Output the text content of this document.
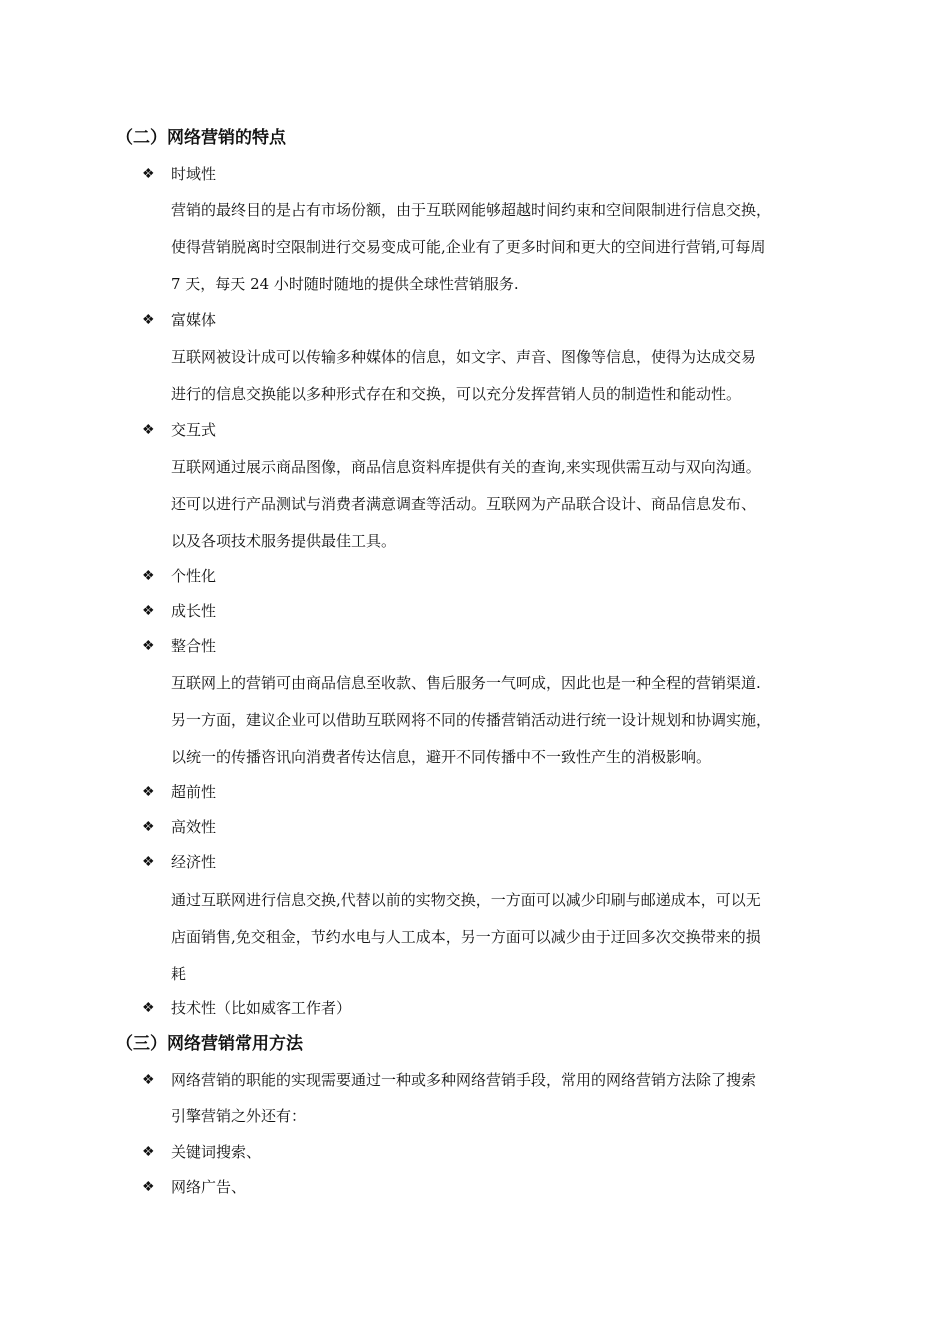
（二）网络营销的特点
❖ 时域性
营销的最终目的是占有市场份额，由于互联网能够超越时间约束和空间限制进行信息交换，
使得营销脱离时空限制进行交易变成可能,企业有了更多时间和更大的空间进行营销,可每周
7 天，每天 24 小时随时随地的提供全球性营销服务.
❖ 富媒体
互联网被设计成可以传输多种媒体的信息，如文字、声音、图像等信息，使得为达成交易
进行的信息交换能以多种形式存在和交换，可以充分发挥营销人员的制造性和能动性。
❖ 交互式
互联网通过展示商品图像，商品信息资料库提供有关的查询,来实现供需互动与双向沟通。
还可以进行产品测试与消费者满意调查等活动。互联网为产品联合设计、商品信息发布、
以及各项技术服务提供最佳工具。
❖ 个性化
❖ 成长性
❖ 整合性
互联网上的营销可由商品信息至收款、售后服务一气呵成，因此也是一种全程的营销渠道.
另一方面，建议企业可以借助互联网将不同的传播营销活动进行统一设计规划和协调实施，
以统一的传播咨讯向消费者传达信息，避开不同传播中不一致性产生的消极影响。
❖ 超前性
❖ 高效性
❖ 经济性
通过互联网进行信息交换,代替以前的实物交换，一方面可以减少印刷与邮递成本，可以无
店面销售,免交租金，节约水电与人工成本，另一方面可以减少由于迂回多次交换带来的损
耗
❖ 技术性（比如威客工作者）
（三）网络营销常用方法
❖ 网络营销的职能的实现需要通过一种或多种网络营销手段，常用的网络营销方法除了搜索
引擎营销之外还有：
❖ 关键词搜索、
❖ 网络广告、
